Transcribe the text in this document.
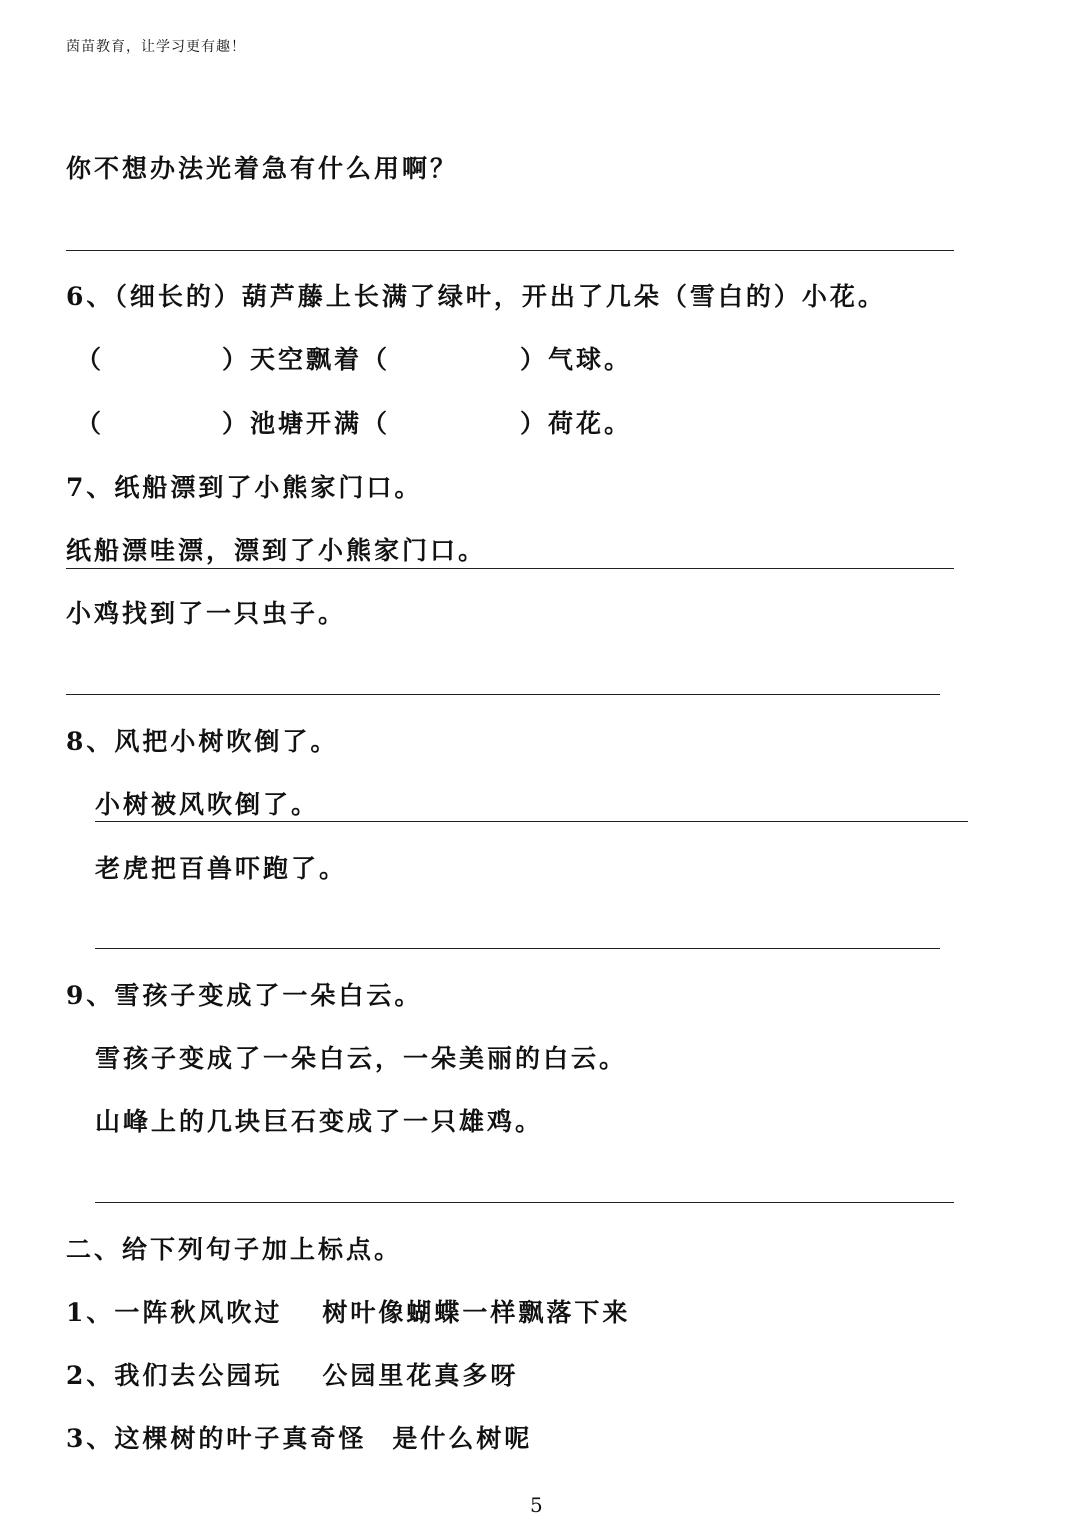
茵苗教育，让学习更有趣！
你不想办法光着急有什么用啊？
6、（细长的）葫芦藤上长满了绿叶，开出了几朵（雪白的）小花。
（	）天空飘着（	）气球。
（	）池塘开满（	）荷花。
7、纸船漂到了小熊家门口。
纸船漂哇漂，漂到了小熊家门口。
小鸡找到了一只虫子。
8、风把小树吹倒了。
小树被风吹倒了。
老虎把百兽吓跑了。
9、雪孩子变成了一朵白云。
雪孩子变成了一朵白云，一朵美丽的白云。
山峰上的几块巨石变成了一只雄鸡。
二、给下列句子加上标点。
1、一阵秋风吹过 树叶像蝴蝶一样飘落下来
2、我们去公园玩 公园里花真多呀
3、这棵树的叶子真奇怪 是什么树呢
5
